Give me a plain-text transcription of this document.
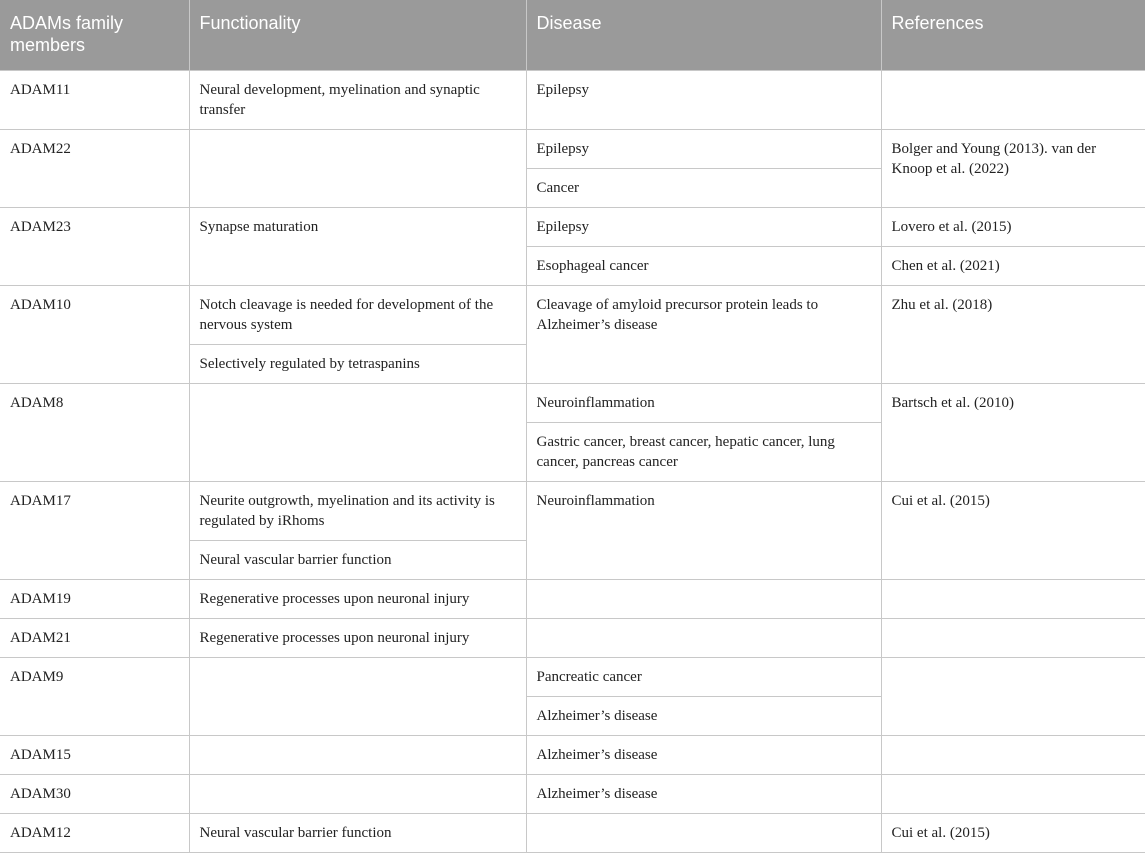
ADAMs family members	Functionality	Disease	References
ADAM11	Neural development, myelination and synaptic transfer	Epilepsy	
ADAM22		Epilepsy	Bolger and Young (2013). van der Knoop et al. (2022)
		Cancer	
ADAM23	Synapse maturation	Epilepsy	Lovero et al. (2015)
		Esophageal cancer	Chen et al. (2021)
ADAM10	Notch cleavage is needed for development of the nervous system	Cleavage of amyloid precursor protein leads to Alzheimer’s disease	Zhu et al. (2018)
	Selectively regulated by tetraspanins		
ADAM8		Neuroinflammation	Bartsch et al. (2010)
		Gastric cancer, breast cancer, hepatic cancer, lung cancer, pancreas cancer	
ADAM17	Neurite outgrowth, myelination and its activity is regulated by iRhoms	Neuroinflammation	Cui et al. (2015)
	Neural vascular barrier function		
ADAM19	Regenerative processes upon neuronal injury		
ADAM21	Regenerative processes upon neuronal injury		
ADAM9		Pancreatic cancer	
		Alzheimer’s disease	
ADAM15		Alzheimer’s disease	
ADAM30		Alzheimer’s disease	
ADAM12	Neural vascular barrier function		Cui et al. (2015)
